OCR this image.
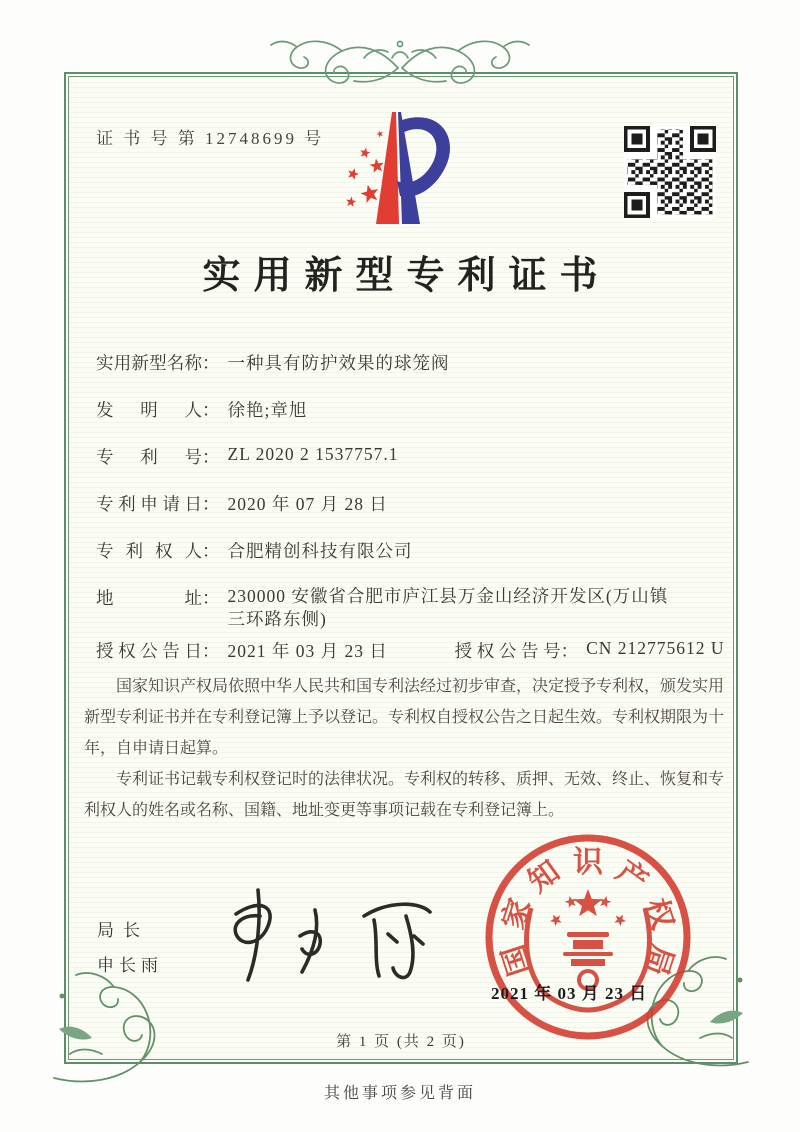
证 书 号 第 12748699 号
实用新型专利证书
实用新型名称： 一种具有防护效果的球笼阀
发明人： 徐艳;章旭
专利号： ZL 2020 2 1537757.1
专利申请日： 2020 年 07 月 28 日
专利权人： 合肥精创科技有限公司
地址： 230000 安徽省合肥市庐江县万金山经济开发区(万山镇三环路东侧)
授权公告日： 2021 年 03 月 23 日	授权公告号： CN 212775612 U

国家知识产权局依照中华人民共和国专利法经过初步审查，决定授予专利权，颁发实用新型专利证书并在专利登记簿上予以登记。专利权自授权公告之日起生效。专利权期限为十年，自申请日起算。

专利证书记载专利权登记时的法律状况。专利权的转移、质押、无效、终止、恢复和专利权人的姓名或名称、国籍、地址变更等事项记载在专利登记簿上。

局长
申长雨	国
家
知 识 产
权
局
2021 年 03 月 23 日
第 1 页 (共 2 页)
其他事项参见背面
